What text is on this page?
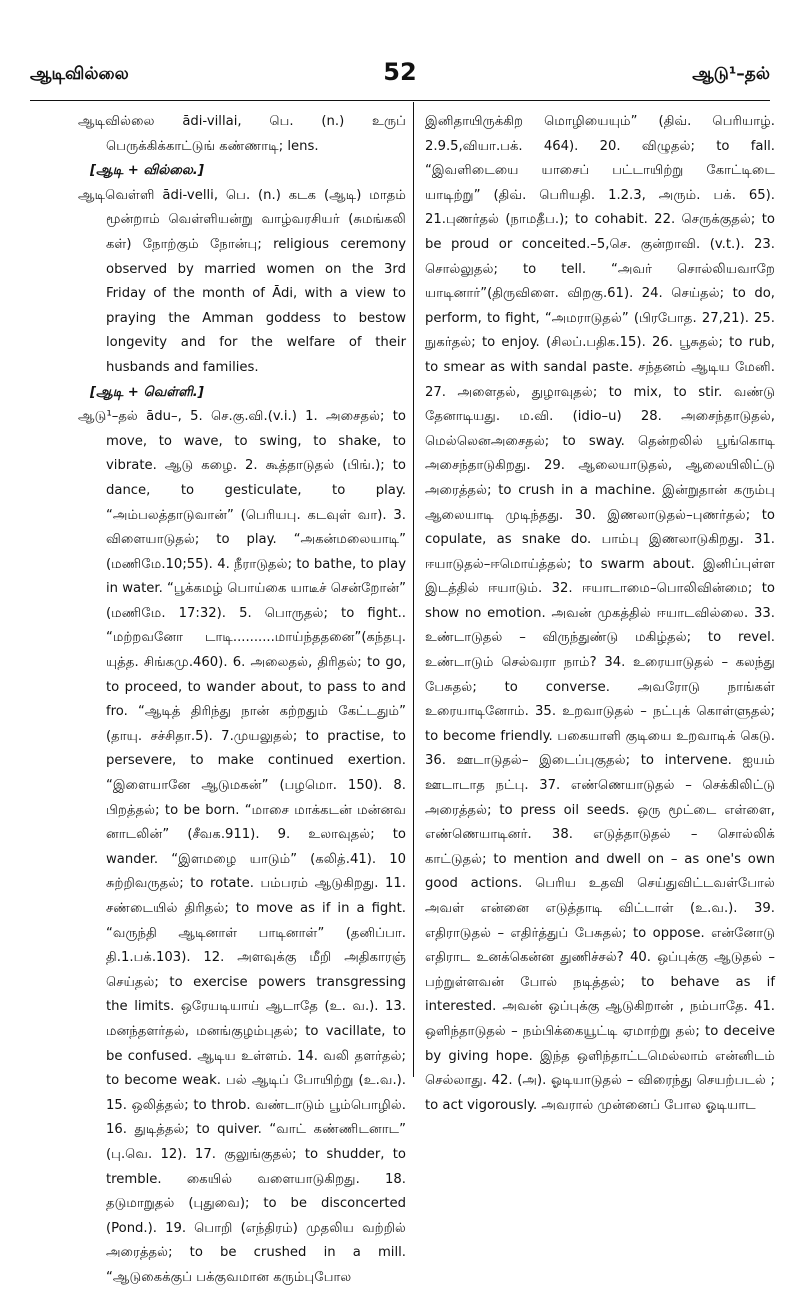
ஆடிவில்லை	52	ஆடு¹–தல்

ஆடிவில்லை ādi-villai, பெ. (n.) உருப் பெருக்கிக்காட்டுங் கண்ணாடி; lens.

[ஆடி + வில்லை.]

ஆடிவெள்ளி ādi-velli, பெ. (n.) கடக (ஆடி) மாதம் மூன்றாம் வெள்ளியன்று வாழ்வரசியர் (சுமங்கலி கள்) நோற்கும் நோன்பு; religious ceremony observed by married women on the 3rd Friday of the month of Ādi, with a view to praying the Amman goddess to bestow longevity and for the welfare of their husbands and families.

[ஆடி + வெள்ளி.]

ஆடு¹–தல் ādu–, 5. செ.கு.வி.(v.i.) 1. அசைதல்; to move, to wave, to swing, to shake, to vibrate. ஆடு கழை. 2. கூத்தாடுதல் (பிங்.); to dance, to gesticulate, to play. “அம்பலத்தாடுவான்” (பெரியபு. கடவுள் வா). 3. விளையாடுதல்; to play. “அகன்மலையாடி” (மணிமே.10;55). 4. நீராடுதல்; to bathe, to play in water. “பூக்கமழ் பொய்கை யாடீச் சென்றோன்” (மணிமே. 17:32). 5. பொருதல்; to fight.. “மற்றவனோ டாடி..........மாய்ந்ததனை”(கந்தபு. யுத்த. சிங்கமு.460). 6. அலைதல், திரிதல்; to go, to proceed, to wander about, to pass to and fro. “ஆடித் திரிந்து நான் கற்றதும் கேட்டதும்” (தாயு. சச்சிதா.5). 7.முயலுதல்; to practise, to persevere, to make continued exertion. “இளையானே ஆடுமகன்” (பழமொ. 150). 8. பிறத்தல்; to be born. “மாசை மாக்கடன் மன்னவ னாடலின்” (சீவக.911). 9. உலாவுதல்; to wander. “இளமழை யாடும்” (கலித்.41). 10 சுற்றிவருதல்; to rotate. பம்பரம் ஆடுகிறது. 11. சண்டையில் திரிதல்; to move as if in a fight. “வருந்தி ஆடினாள் பாடினாள்” (தனிப்பா. தி.1.பக்.103). 12. அளவுக்கு மீறி அதிகாரஞ் செய்தல்; to exercise powers transgressing the limits. ஒரேயடியாய் ஆடாதே (உ. வ.). 13. மனந்தளர்தல், மனங்குழம்புதல்; to vacillate, to be confused. ஆடிய உள்ளம். 14. வலி தளர்தல்; to become weak. பல் ஆடிப் போயிற்று (உ.வ.). 15. ஒலித்தல்; to throb. வண்டாடும் பூம்பொழில். 16. துடித்தல்; to quiver. “வாட் கண்ணிடனாட” (பு.வெ. 12). 17. குலுங்குதல்; to shudder, to tremble. கையில் வளையாடுகிறது. 18. தடுமாறுதல் (புதுவை); to be disconcerted (Pond.). 19. பொறி (எந்திரம்) முதலிய வற்றில் அரைத்தல்; to be crushed in a mill. “ஆடுகைக்குப் பக்குவமான கரும்புபோல

இனிதாயிருக்கிற மொழியையும்” (திவ். பெரியாழ். 2.9.5,வியா.பக். 464). 20. விழுதல்; to fall. “இவளிடையை யாசைப் பட்டாயிற்று கோட்டிடை யாடிற்று” (திவ். பெரியதி. 1.2.3, அரும். பக். 65). 21.புணர்தல் (நாமதீப.); to cohabit. 22. செருக்குதல்; to be proud or conceited.–5,செ. குன்றாவி. (v.t.). 23. சொல்லுதல்; to tell. “அவர் சொல்லியவாறே யாடினார்”(திருவிளை. விறகு.61). 24. செய்தல்; to do, perform, to fight, “அமராடுதல்” (பிரபோத. 27,21). 25. நுகர்தல்; to enjoy. (சிலப்.பதிக.15). 26. பூசுதல்; to rub, to smear as with sandal paste. சந்தனம் ஆடிய மேனி. 27. அளைதல், துழாவுதல்; to mix, to stir. வண்டு தேனாடியது. ம.வி. (idio–u) 28. அசைந்தாடுதல், மெல்லெனஅசைதல்; to sway. தென்றலில் பூங்கொடி அசைந்தாடுகிறது. 29. ஆலையாடுதல், ஆலையிலிட்டு அரைத்தல்; to crush in a machine. இன்றுதான் கரும்பு ஆலையாடி முடிந்தது. 30. இணலாடுதல்–புணர்தல்; to copulate, as snake do. பாம்பு இணலாடுகிறது. 31. ஈயாடுதல்–ஈமொய்த்தல்; to swarm about. இனிப்புள்ள இடத்தில் ஈயாடும். 32. ஈயாடாமை–பொலிவின்மை; to show no emotion. அவன் முகத்தில் ஈயாடவில்லை. 33. உண்டாடுதல் – விருந்துண்டு மகிழ்தல்; to revel. உண்டாடும் செல்வரா நாம்? 34. உரையாடுதல் – கலந்து பேசுதல்; to converse. அவரோடு நாங்கள் உரையாடினோம். 35. உறவாடுதல் – நட்புக் கொள்ளுதல்; to become friendly. பகையாளி குடியை உறவாடிக் கெடு. 36. ஊடாடுதல்– இடைப்புகுதல்; to intervene. ஐயம் ஊடாடாத நட்பு. 37. எண்ணெயாடுதல் – செக்கிலிட்டு அரைத்தல்; to press oil seeds. ஒரு மூட்டை எள்ளை, எண்ணெயாடினர். 38. எடுத்தாடுதல் – சொல்லிக் காட்டுதல்; to mention and dwell on – as one's own good actions. பெரிய உதவி செய்துவிட்டவள்போல் அவள் என்னை எடுத்தாடி விட்டாள் (உ.வ.). 39. எதிராடுதல் – எதிர்த்துப் பேசுதல்; to oppose. என்னோடு எதிராட உனக்கென்ன துணிச்சல்? 40. ஒப்புக்கு ஆடுதல் – பற்றுள்ளவன் போல் நடித்தல்; to behave as if interested. அவன் ஒப்புக்கு ஆடுகிறான் , நம்பாதே. 41. ஒளிந்தாடுதல் – நம்பிக்கையூட்டி ஏமாற்று தல்; to deceive by giving hope. இந்த ஒளிந்தாட்டமெல்லாம் என்னிடம் செல்லாது. 42. (அ). ஓடியாடுதல் – விரைந்து செயற்படல் ; to act vigorously. அவரால் முன்னைப் போல ஓடியாட
